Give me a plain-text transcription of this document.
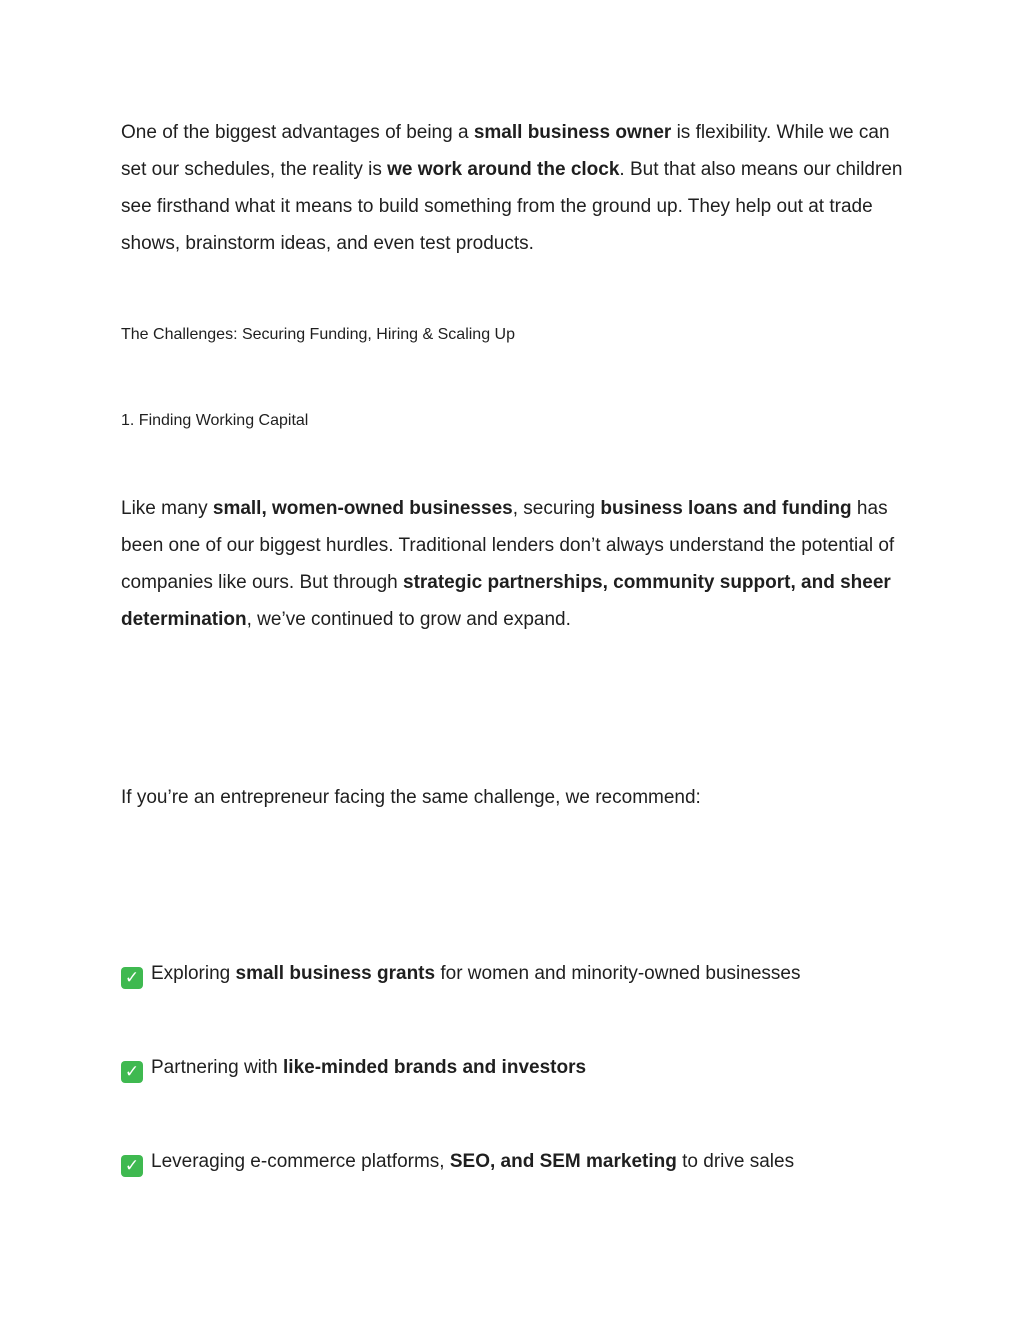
One of the biggest advantages of being a small business owner is flexibility. While we can set our schedules, the reality is we work around the clock. But that also means our children see firsthand what it means to build something from the ground up. They help out at trade shows, brainstorm ideas, and even test products.

The Challenges: Securing Funding, Hiring & Scaling Up
1. Finding Working Capital

Like many small, women-owned businesses, securing business loans and funding has been one of our biggest hurdles. Traditional lenders don’t always understand the potential of companies like ours. But through strategic partnerships, community support, and sheer determination, we’ve continued to grow and expand.

If you’re an entrepreneur facing the same challenge, we recommend:

✓ Exploring small business grants for women and minority-owned businesses

✓ Partnering with like-minded brands and investors

✓ Leveraging e-commerce platforms, SEO, and SEM marketing to drive sales
